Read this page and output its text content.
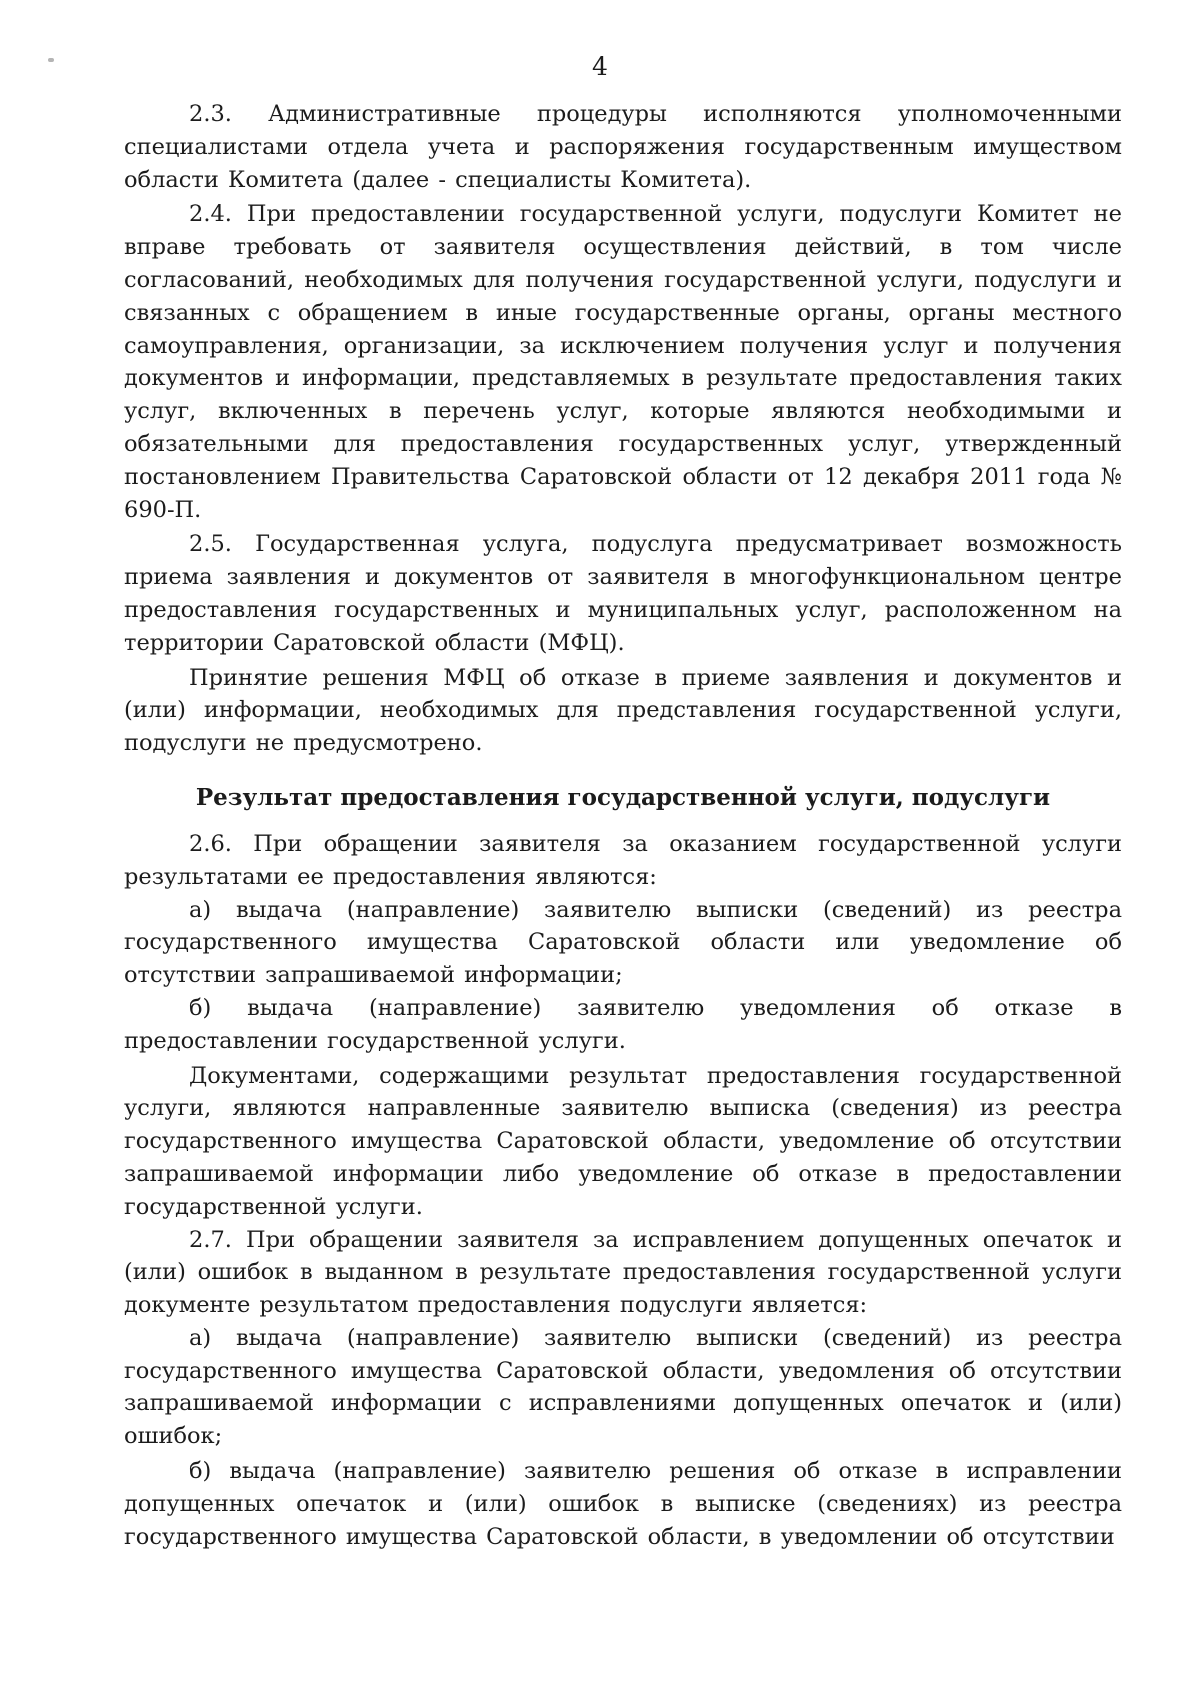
4

2.3. Административные процедуры исполняются уполномоченными специалистами отдела учета и распоряжения государственным имуществом области Комитета (далее - специалисты Комитета).

2.4. При предоставлении государственной услуги, подуслуги Комитет не вправе требовать от заявителя осуществления действий, в том числе согласований, необходимых для получения государственной услуги, подуслуги и связанных с обращением в иные государственные органы, органы местного самоуправления, организации, за исключением получения услуг и получения документов и информации, представляемых в результате предоставления таких услуг, включенных в перечень услуг, которые являются необходимыми и обязательными для предоставления государственных услуг, утвержденный постановлением Правительства Саратовской области от 12 декабря 2011 года № 690-П.

2.5. Государственная услуга, подуслуга предусматривает возможность приема заявления и документов от заявителя в многофункциональном центре предоставления государственных и муниципальных услуг, расположенном на территории Саратовской области (МФЦ).

Принятие решения МФЦ об отказе в приеме заявления и документов и (или) информации, необходимых для представления государственной услуги, подуслуги не предусмотрено.

Результат предоставления государственной услуги, подуслуги

2.6. При обращении заявителя за оказанием государственной услуги результатами ее предоставления являются:

а) выдача (направление) заявителю выписки (сведений) из реестра государственного имущества Саратовской области или уведомление об отсутствии запрашиваемой информации;

б) выдача (направление) заявителю уведомления об отказе в предоставлении государственной услуги.

Документами, содержащими результат предоставления государственной услуги, являются направленные заявителю выписка (сведения) из реестра государственного имущества Саратовской области, уведомление об отсутствии запрашиваемой информации либо уведомление об отказе в предоставлении государственной услуги.

2.7. При обращении заявителя за исправлением допущенных опечаток и (или) ошибок в выданном в результате предоставления государственной услуги документе результатом предоставления подуслуги является:

а) выдача (направление) заявителю выписки (сведений) из реестра государственного имущества Саратовской области, уведомления об отсутствии запрашиваемой информации с исправлениями допущенных опечаток и (или) ошибок;

б) выдача (направление) заявителю решения об отказе в исправлении допущенных опечаток и (или) ошибок в выписке (сведениях) из реестра государственного имущества Саратовской области, в уведомлении об отсутствии
